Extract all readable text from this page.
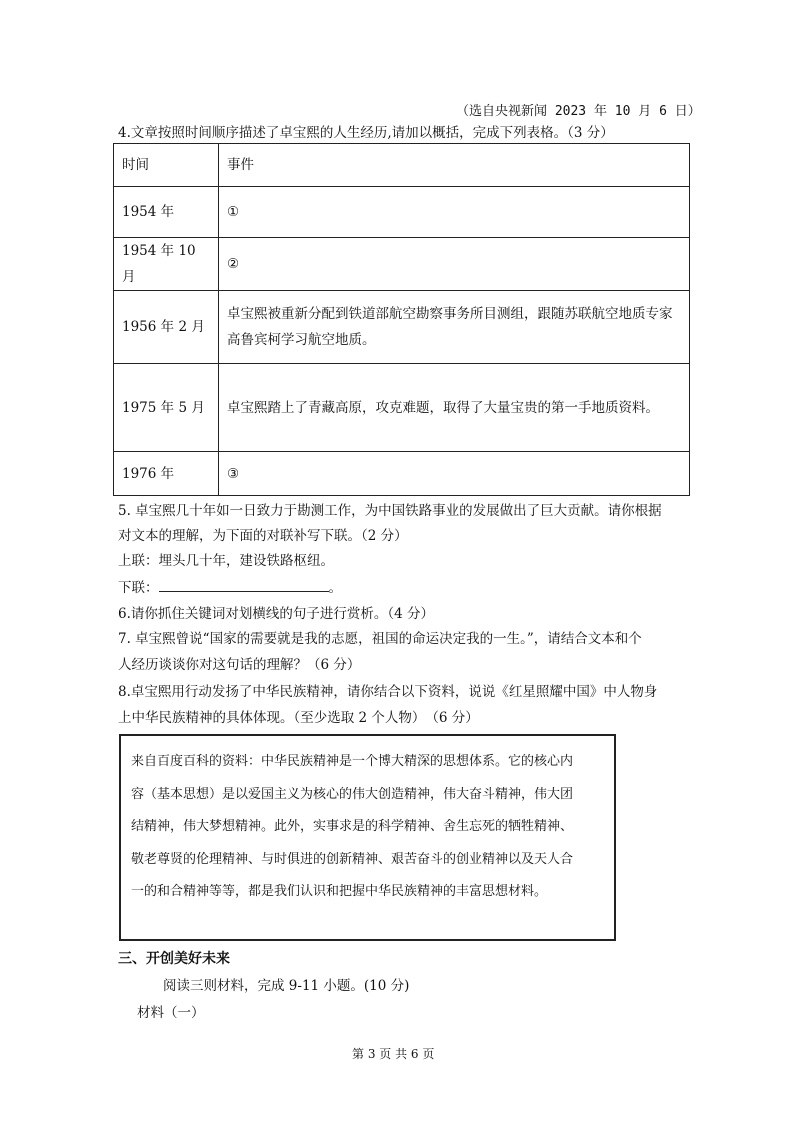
（选自央视新闻 2023 年 10 月 6 日）
4.文章按照时间顺序描述了卓宝熙的人生经历,请加以概括，完成下列表格。（3 分）
时间	事件
1954 年	①
1954 年 10 月	②
1956 年 2 月	卓宝熙被重新分配到铁道部航空勘察事务所目测组，跟随苏联航空地质专家高鲁宾柯学习航空地质。
1975 年 5 月	卓宝熙踏上了青藏高原，攻克难题，取得了大量宝贵的第一手地质资料。
1976 年	③
5. 卓宝熙几十年如一日致力于勘测工作，为中国铁路事业的发展做出了巨大贡献。请你根据
对文本的理解，为下面的对联补写下联。（2 分）
上联：埋头几十年，建设铁路枢纽。
下联：	。
6.请你抓住关键词对划横线的句子进行赏析。（4 分）
7. 卓宝熙曾说“国家的需要就是我的志愿，祖国的命运决定我的一生。”，请结合文本和个
人经历谈谈你对这句话的理解？（6 分）
8.卓宝熙用行动发扬了中华民族精神，请你结合以下资料，说说《红星照耀中国》中人物身
上中华民族精神的具体体现。（至少选取 2 个人物）　（6 分）
来自百度百科的资料：中华民族精神是一个博大精深的思想体系。它的核心内
容（基本思想）是以爱国主义为核心的伟大创造精神，伟大奋斗精神，伟大团
结精神，伟大梦想精神。此外，实事求是的科学精神、舍生忘死的牺牲精神、
敬老尊贤的伦理精神、与时俱进的创新精神、艰苦奋斗的创业精神以及天人合
一的和合精神等等，都是我们认识和把握中华民族精神的丰富思想材料。
三、开创美好未来
阅读三则材料，完成 9-11 小题。(10 分)
材料（一）
第 3 页 共 6 页
